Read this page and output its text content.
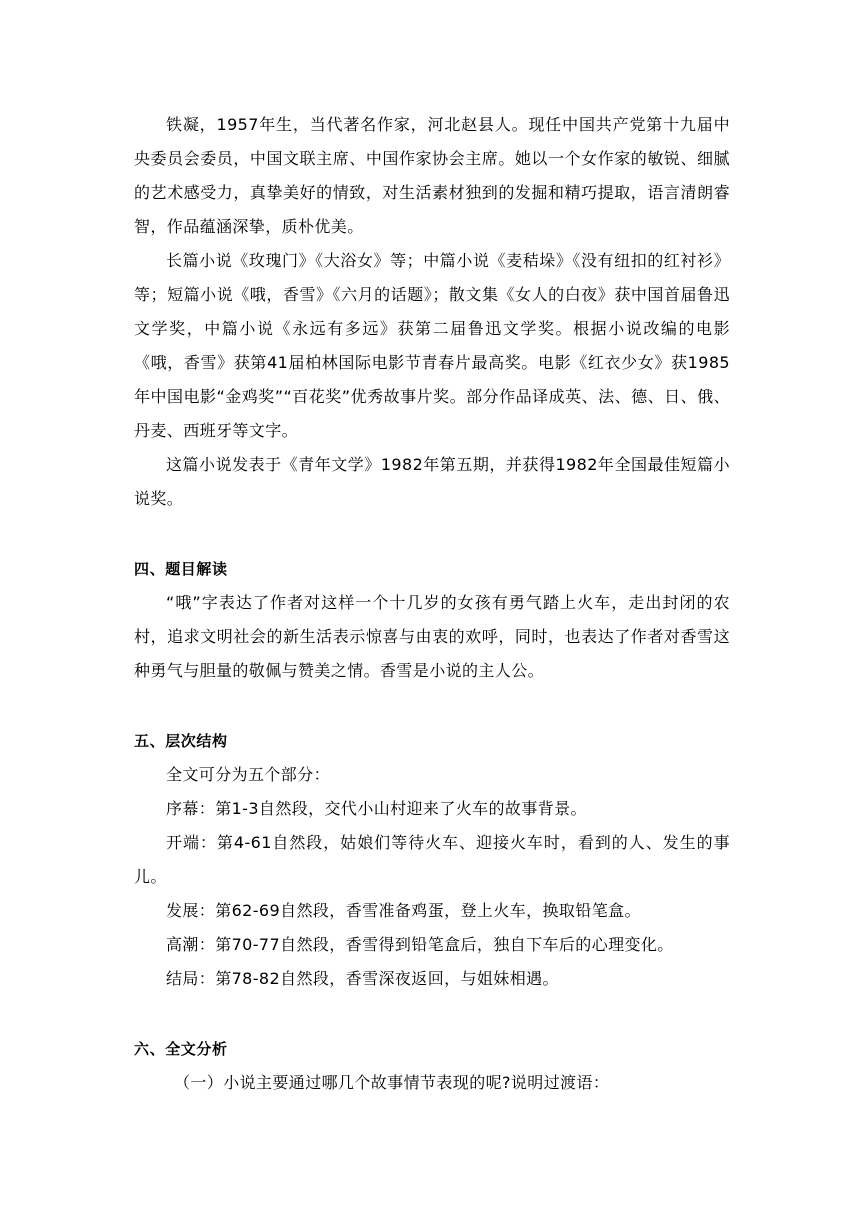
铁凝，1957年生，当代著名作家，河北赵县人。现任中国共产党第十九届中央委员会委员，中国文联主席、中国作家协会主席。她以一个女作家的敏锐、细腻的艺术感受力，真挚美好的情致，对生活素材独到的发掘和精巧提取，语言清朗睿智，作品蕴涵深挚，质朴优美。

长篇小说《玫瑰门》《大浴女》等；中篇小说《麦秸垛》《没有纽扣的红衬衫》等；短篇小说《哦，香雪》《六月的话题》；散文集《女人的白夜》获中国首届鲁迅文学奖，中篇小说《永远有多远》获第二届鲁迅文学奖。根据小说改编的电影《哦，香雪》获第41届柏林国际电影节青春片最高奖。电影《红衣少女》获1985年中国电影“金鸡奖”“百花奖”优秀故事片奖。部分作品译成英、法、德、日、俄、丹麦、西班牙等文字。

这篇小说发表于《青年文学》1982年第五期，并获得1982年全国最佳短篇小说奖。

四、题目解读

“哦”字表达了作者对这样一个十几岁的女孩有勇气踏上火车，走出封闭的农村，追求文明社会的新生活表示惊喜与由衷的欢呼，同时，也表达了作者对香雪这种勇气与胆量的敬佩与赞美之情。香雪是小说的主人公。

五、层次结构

全文可分为五个部分：

序幕：第1-3自然段，交代小山村迎来了火车的故事背景。

开端：第4-61自然段，姑娘们等待火车、迎接火车时，看到的人、发生的事儿。

发展：第62-69自然段，香雪准备鸡蛋，登上火车，换取铅笔盒。

高潮：第70-77自然段，香雪得到铅笔盒后，独自下车后的心理变化。

结局：第78-82自然段，香雪深夜返回，与姐妹相遇。

六、全文分析

（一）小说主要通过哪几个故事情节表现的呢?说明过渡语：
